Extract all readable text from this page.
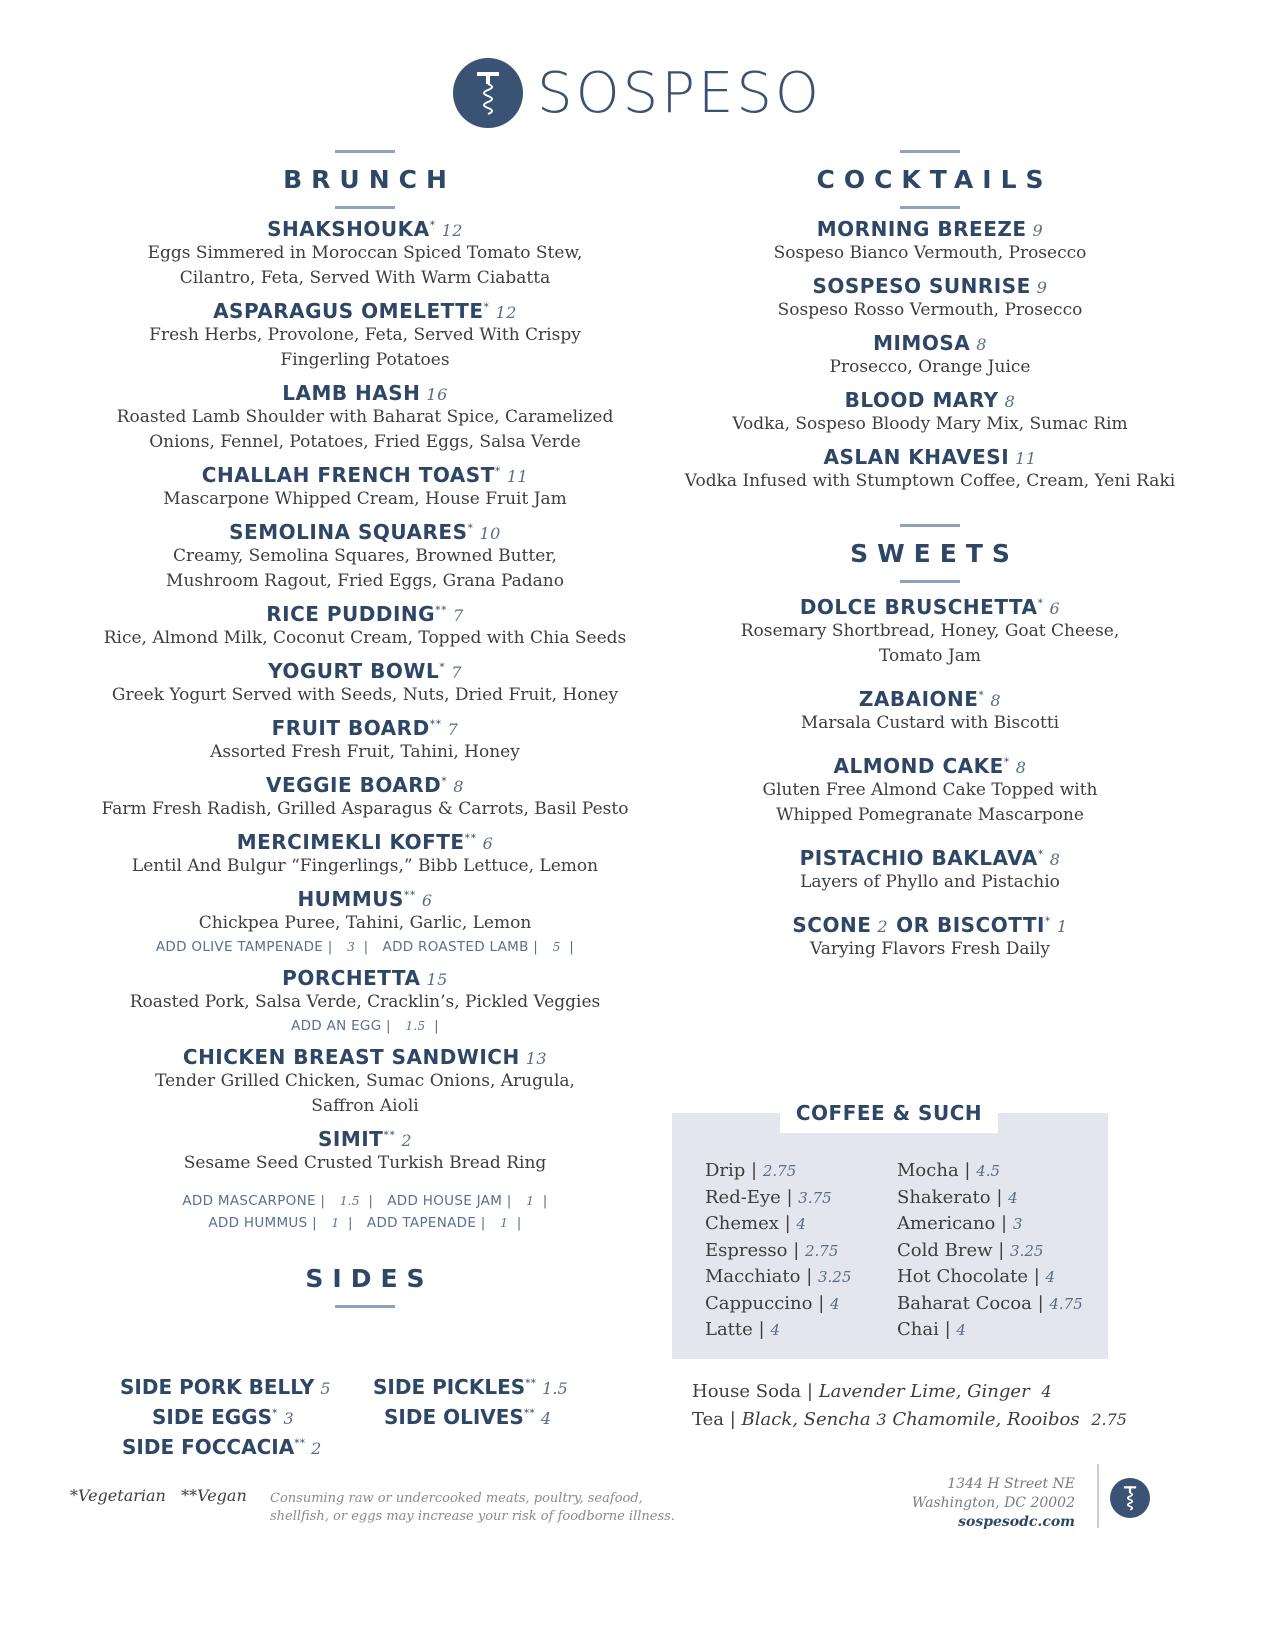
SOSPESO
BRUNCH
SHAKSHOUKA* 12
Eggs Simmered in Moroccan Spiced Tomato Stew,
Cilantro, Feta, Served With Warm Ciabatta
ASPARAGUS OMELETTE* 12
Fresh Herbs, Provolone, Feta, Served With Crispy
Fingerling Potatoes
LAMB HASH 16
Roasted Lamb Shoulder with Baharat Spice, Caramelized
Onions, Fennel, Potatoes, Fried Eggs, Salsa Verde
CHALLAH FRENCH TOAST* 11
Mascarpone Whipped Cream, House Fruit Jam
SEMOLINA SQUARES* 10
Creamy, Semolina Squares, Browned Butter,
Mushroom Ragout, Fried Eggs, Grana Padano
RICE PUDDING** 7
Rice, Almond Milk, Coconut Cream, Topped with Chia Seeds
YOGURT BOWL* 7
Greek Yogurt Served with Seeds, Nuts, Dried Fruit, Honey
FRUIT BOARD** 7
Assorted Fresh Fruit, Tahini, Honey
VEGGIE BOARD* 8
Farm Fresh Radish, Grilled Asparagus & Carrots, Basil Pesto
MERCIMEKLI KOFTE** 6
Lentil And Bulgur “Fingerlings,” Bibb Lettuce, Lemon
HUMMUS** 6
Chickpea Puree, Tahini, Garlic, Lemon
ADD OLIVE TAMPENADE | 3 | ADD ROASTED LAMB | 5 |
PORCHETTA 15
Roasted Pork, Salsa Verde, Cracklin’s, Pickled Veggies
ADD AN EGG | 1.5 |
CHICKEN BREAST SANDWICH 13
Tender Grilled Chicken, Sumac Onions, Arugula,
Saffron Aioli
SIMIT** 2
Sesame Seed Crusted Turkish Bread Ring
ADD MASCARPONE | 1.5 | ADD HOUSE JAM | 1 |
ADD HUMMUS | 1 | ADD TAPENADE | 1 |
SIDES
SIDE PORK BELLY 5 SIDE PICKLES** 1.5
SIDE EGGS* 3	SIDE OLIVES** 4
SIDE FOCCACIA** 2
COCKTAILS
MORNING BREEZE 9
Sospeso Bianco Vermouth, Prosecco
SOSPESO SUNRISE 9
Sospeso Rosso Vermouth, Prosecco
MIMOSA 8
Prosecco, Orange Juice
BLOOD MARY 8
Vodka, Sospeso Bloody Mary Mix, Sumac Rim
ASLAN KHAVESI 11
Vodka Infused with Stumptown Coffee, Cream, Yeni Raki
SWEETS
DOLCE BRUSCHETTA* 6
Rosemary Shortbread, Honey, Goat Cheese,
Tomato Jam
ZABAIONE* 8
Marsala Custard with Biscotti
ALMOND CAKE* 8
Gluten Free Almond Cake Topped with
Whipped Pomegranate Mascarpone
PISTACHIO BAKLAVA* 8
Layers of Phyllo and Pistachio
SCONE 2 OR BISCOTTI* 1
Varying Flavors Fresh Daily
COFFEE & SUCH
Drip | 2.75
Red-Eye | 3.75
Chemex | 4
Espresso | 2.75
Macchiato | 3.25
Cappuccino | 4
Latte | 4
Mocha | 4.5
Shakerato | 4
Americano | 3
Cold Brew | 3.25
Hot Chocolate | 4
Baharat Cocoa | 4.75
Chai | 4
House Soda | Lavender Lime, Ginger 4
Tea | Black, Sencha 3 Chamomile, Rooibos 2.75
*Vegetarian **Vegan Consuming raw or undercooked meats, poultry, seafood,
shellfish, or eggs may increase your risk of foodborne illness.
1344 H Street NE
Washington, DC 20002
sospesodc.com
